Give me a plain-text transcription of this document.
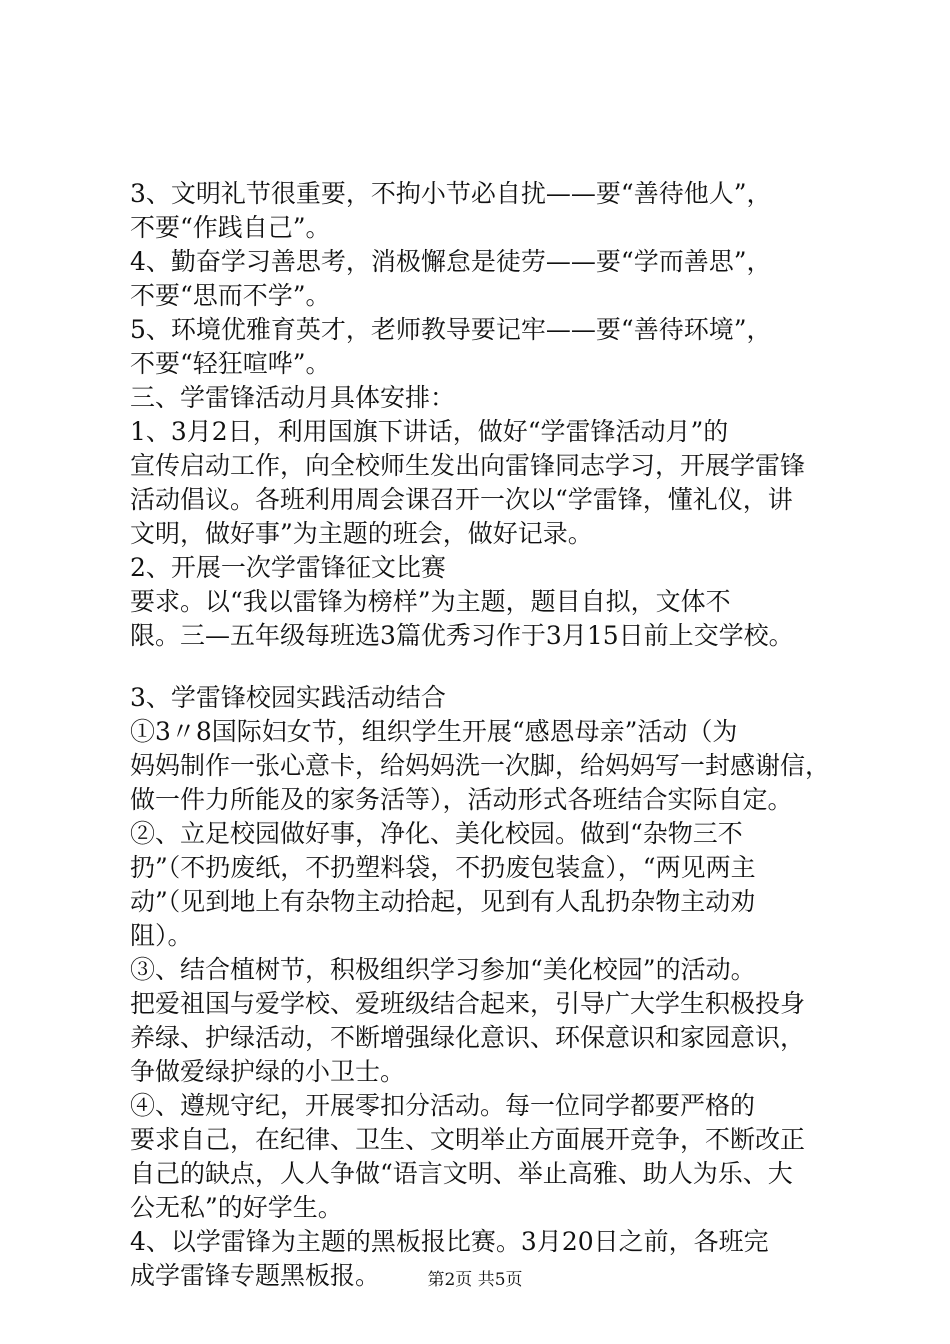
3、文明礼节很重要，不拘小节必自扰——要“善待他人”，
不要“作践自己”。
4、勤奋学习善思考，消极懈怠是徒劳——要“学而善思”，
不要“思而不学”。
5、环境优雅育英才，老师教导要记牢——要“善待环境”，
不要“轻狂喧哗”。
三、学雷锋活动月具体安排：
1、3月2日，利用国旗下讲话，做好“学雷锋活动月”的
宣传启动工作，向全校师生发出向雷锋同志学习，开展学雷锋
活动倡议。各班利用周会课召开一次以“学雷锋，懂礼仪，讲
文明，做好事”为主题的班会，做好记录。
2、开展一次学雷锋征文比赛
要求。以“我以雷锋为榜样”为主题，题目自拟，文体不
限。三—五年级每班选3篇优秀习作于3月15日前上交学校。
3、学雷锋校园实践活动结合
①3〃8国际妇女节，组织学生开展“感恩母亲”活动（为
妈妈制作一张心意卡，给妈妈洗一次脚，给妈妈写一封感谢信，
做一件力所能及的家务活等），活动形式各班结合实际自定。
②、立足校园做好事，净化、美化校园。做到“杂物三不
扔”（不扔废纸，不扔塑料袋，不扔废包装盒），“两见两主
动”（见到地上有杂物主动拾起，见到有人乱扔杂物主动劝
阻）。
③、结合植树节，积极组织学习参加“美化校园”的活动。
把爱祖国与爱学校、爱班级结合起来，引导广大学生积极投身
养绿、护绿活动，不断增强绿化意识、环保意识和家园意识，
争做爱绿护绿的小卫士。
④、遵规守纪，开展零扣分活动。每一位同学都要严格的
要求自己，在纪律、卫生、文明举止方面展开竞争，不断改正
自己的缺点，人人争做“语言文明、举止高雅、助人为乐、大
公无私”的好学生。
4、以学雷锋为主题的黑板报比赛。3月20日之前，各班完
成学雷锋专题黑板报。	第2页 共5页
